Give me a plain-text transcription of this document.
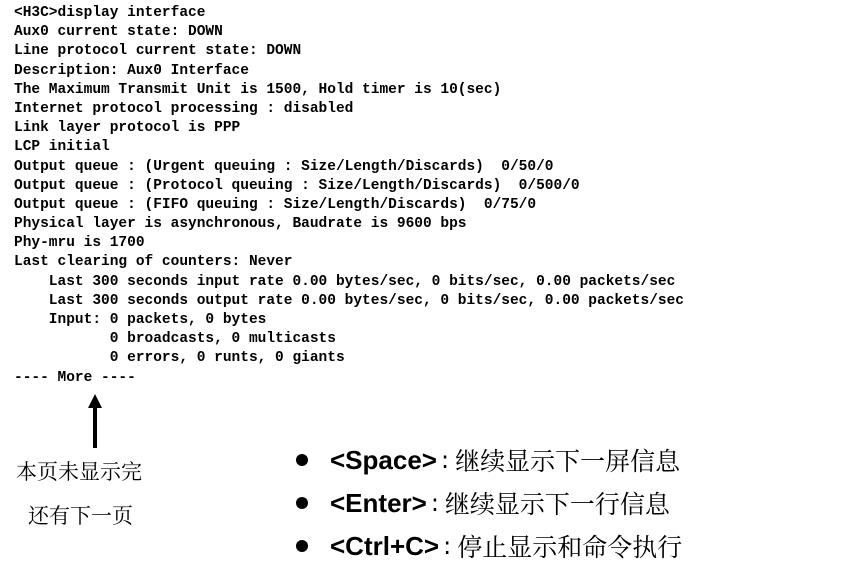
<H3C>display interface
Aux0 current state: DOWN
Line protocol current state: DOWN
Description: Aux0 Interface
The Maximum Transmit Unit is 1500, Hold timer is 10(sec)
Internet protocol processing : disabled
Link layer protocol is PPP
LCP initial
Output queue : (Urgent queuing : Size/Length/Discards)  0/50/0
Output queue : (Protocol queuing : Size/Length/Discards)  0/500/0
Output queue : (FIFO queuing : Size/Length/Discards)  0/75/0
Physical layer is asynchronous, Baudrate is 9600 bps
Phy-mru is 1700
Last clearing of counters: Never
Last 300 seconds input rate 0.00 bytes/sec, 0 bits/sec, 0.00 packets/sec
Last 300 seconds output rate 0.00 bytes/sec, 0 bits/sec, 0.00 packets/sec
Input: 0 packets, 0 bytes
0 broadcasts, 0 multicasts
0 errors, 0 runts, 0 giants
---- More ----
本页未显示完
还有下一页
<Space> : 继续显示下一屏信息
<Enter> : 继续显示下一行信息
<Ctrl+C> : 停止显示和命令执行
